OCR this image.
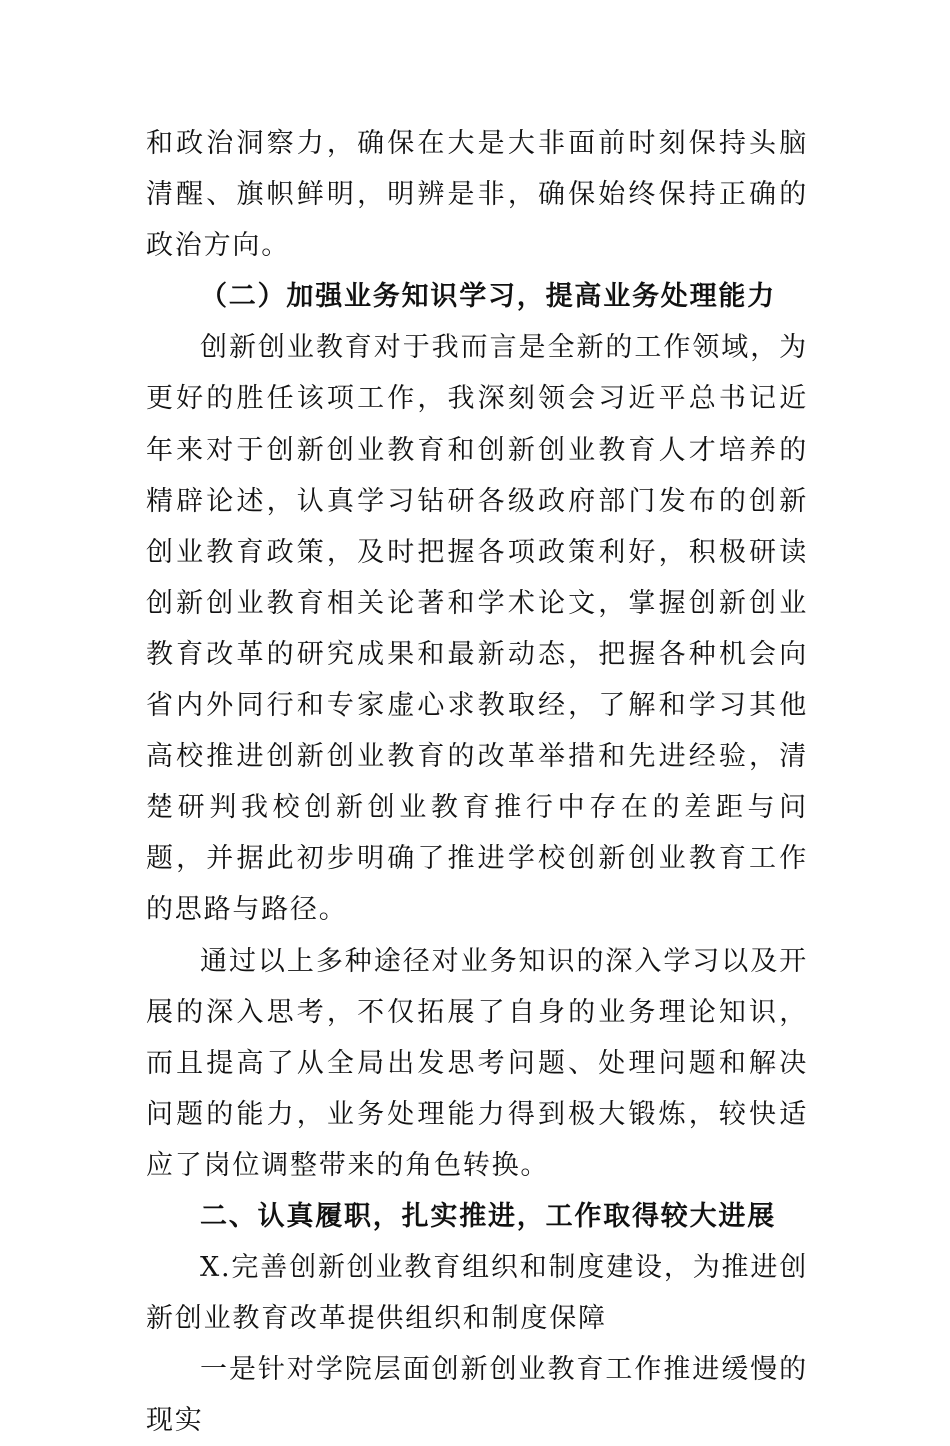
和政治洞察力，确保在大是大非面前时刻保持头脑清醒、旗帜鲜明，明辨是非，确保始终保持正确的政治方向。

（二）加强业务知识学习，提高业务处理能力

创新创业教育对于我而言是全新的工作领域，为更好的胜任该项工作，我深刻领会习近平总书记近年来对于创新创业教育和创新创业教育人才培养的精辟论述，认真学习钻研各级政府部门发布的创新创业教育政策，及时把握各项政策利好，积极研读创新创业教育相关论著和学术论文，掌握创新创业教育改革的研究成果和最新动态，把握各种机会向省内外同行和专家虚心求教取经，了解和学习其他高校推进创新创业教育的改革举措和先进经验，清楚研判我校创新创业教育推行中存在的差距与问题，并据此初步明确了推进学校创新创业教育工作的思路与路径。

通过以上多种途径对业务知识的深入学习以及开展的深入思考，不仅拓展了自身的业务理论知识，而且提高了从全局出发思考问题、处理问题和解决问题的能力，业务处理能力得到极大锻炼，较快适应了岗位调整带来的角色转换。

二、认真履职，扎实推进，工作取得较大进展

X.完善创新创业教育组织和制度建设，为推进创新创业教育改革提供组织和制度保障

一是针对学院层面创新创业教育工作推进缓慢的现实
